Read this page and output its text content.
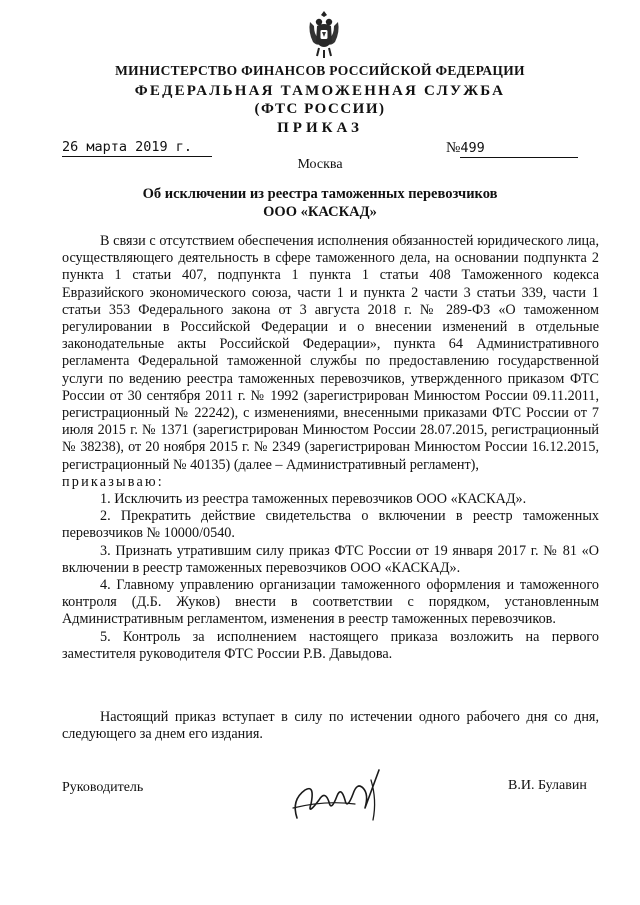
МИНИСТЕРСТВО ФИНАНСОВ РОССИЙСКОЙ ФЕДЕРАЦИИ
ФЕДЕРАЛЬНАЯ ТАМОЖЕННАЯ СЛУЖБА
(ФТС РОССИИ)
ПРИКАЗ
26 марта 2019 г.	№499
Москва
Об исключении из реестра таможенных перевозчиков
ООО «КАСКАД»

В связи с отсутствием обеспечения исполнения обязанностей юридического лица, осуществляющего деятельность в сфере таможенного дела, на основании подпункта 2 пункта 1 статьи 407, подпункта 1 пункта 1 статьи 408 Таможенного кодекса Евразийского экономического союза, части 1 и пункта 2 части 3 статьи 339, части 1 статьи 353 Федерального закона от 3 августа 2018 г. № 289-ФЗ «О таможенном регулировании в Российской Федерации и о внесении изменений в отдельные законодательные акты Российской Федерации», пункта 64 Административного регламента Федеральной таможенной службы по предоставлению государственной услуги по ведению реестра таможенных перевозчиков, утвержденного приказом ФТС России от 30 сентября 2011 г. № 1992 (зарегистрирован Минюстом России 09.11.2011, регистрационный № 22242), с изменениями, внесенными приказами ФТС России от 7 июля 2015 г. № 1371 (зарегистрирован Минюстом России 28.07.2015, регистрационный № 38238), от 20 ноября 2015 г. № 2349 (зарегистрирован Минюстом России 16.12.2015, регистрационный № 40135) (далее – Административный регламент),

приказываю:

1. Исключить из реестра таможенных перевозчиков ООО «КАСКАД».

2. Прекратить действие свидетельства о включении в реестр таможенных перевозчиков № 10000/0540.

3. Признать утратившим силу приказ ФТС России от 19 января 2017 г. № 81 «О включении в реестр таможенных перевозчиков ООО «КАСКАД».

4. Главному управлению организации таможенного оформления и таможенного контроля (Д.Б. Жуков) внести в соответствии с порядком, установленным Административным регламентом, изменения в реестр таможенных перевозчиков.

5. Контроль за исполнением настоящего приказа возложить на первого заместителя руководителя ФТС России Р.В. Давыдова.

Настоящий приказ вступает в силу по истечении одного рабочего дня со дня, следующего за днем его издания.

Руководитель	В.И. Булавин
